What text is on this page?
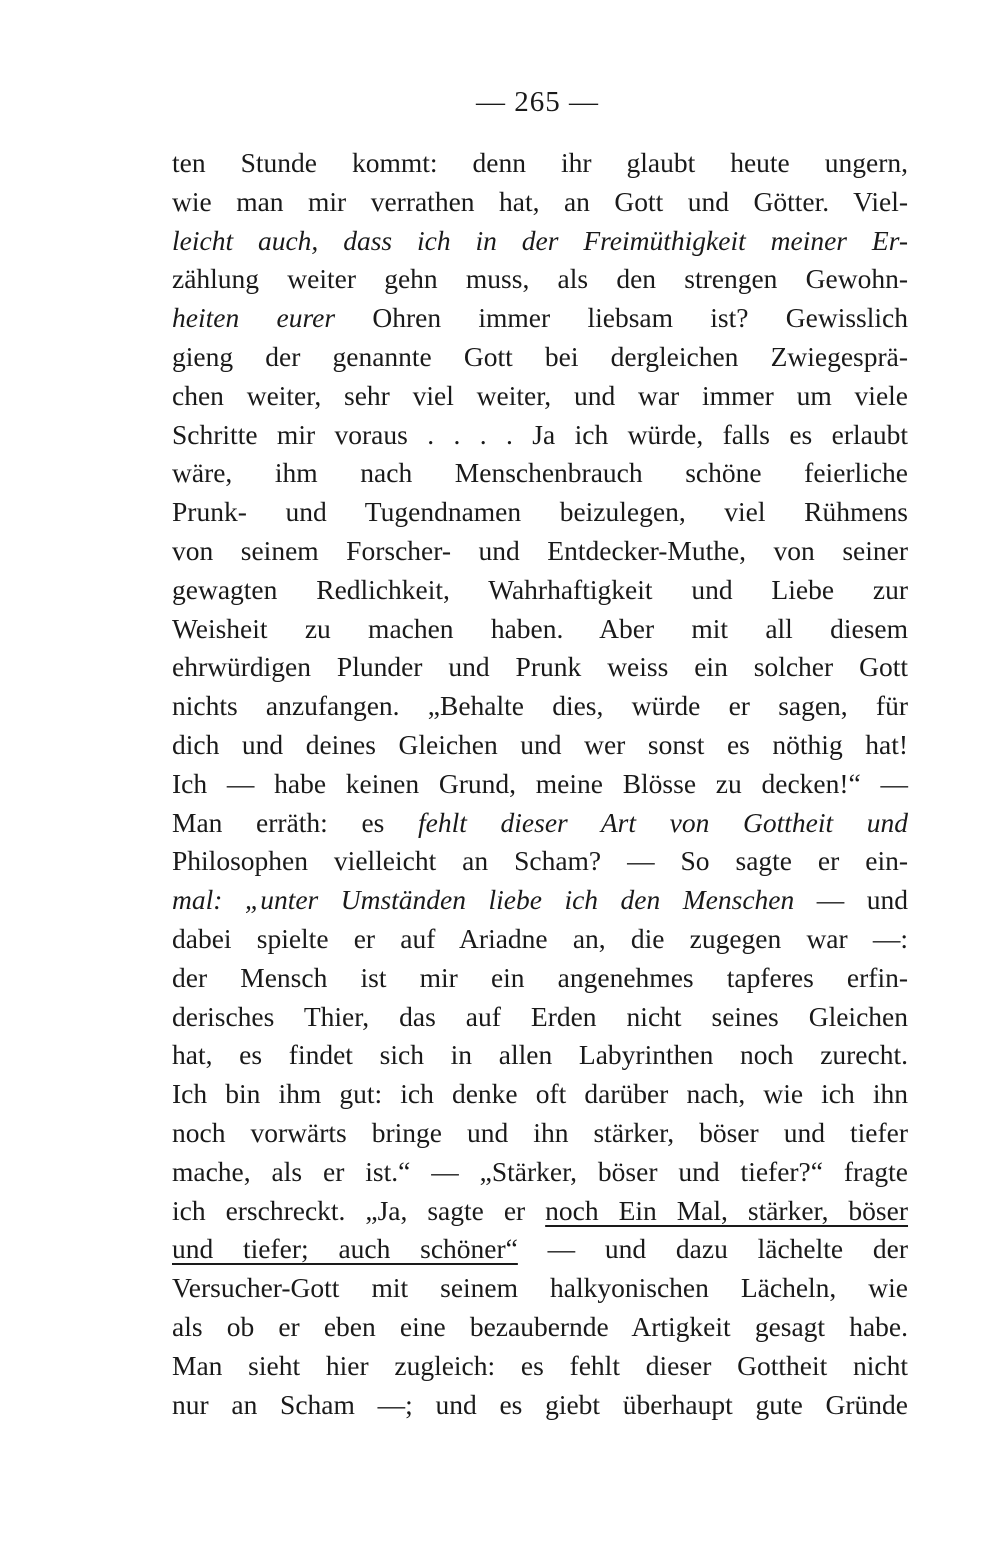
— 265 —
ten Stunde kommt: denn ihr glaubt heute ungern,
wie man mir verrathen hat, an Gott und Götter. Viel-
leicht auch, dass ich in der Freimüthigkeit meiner Er-
zählung weiter gehn muss, als den strengen Gewohn-
heiten eurer Ohren immer liebsam ist? Gewisslich
gieng der genannte Gott bei dergleichen Zwiegesprä-
chen weiter, sehr viel weiter, und war immer um viele
Schritte mir voraus . . . . Ja ich würde, falls es erlaubt
wäre, ihm nach Menschenbrauch schöne feierliche
Prunk- und Tugendnamen beizulegen, viel Rühmens
von seinem Forscher- und Entdecker-Muthe, von seiner
gewagten Redlichkeit, Wahrhaftigkeit und Liebe zur
Weisheit zu machen haben. Aber mit all diesem
ehrwürdigen Plunder und Prunk weiss ein solcher Gott
nichts anzufangen. „Behalte dies, würde er sagen, für
dich und deines Gleichen und wer sonst es nöthig hat!
Ich — habe keinen Grund, meine Blösse zu decken!“ —
Man erräth: es fehlt dieser Art von Gottheit und
Philosophen vielleicht an Scham? — So sagte er ein-
mal: „unter Umständen liebe ich den Menschen — und
dabei spielte er auf Ariadne an, die zugegen war —:
der Mensch ist mir ein angenehmes tapferes erfin-
derisches Thier, das auf Erden nicht seines Gleichen
hat, es findet sich in allen Labyrinthen noch zurecht.
Ich bin ihm gut: ich denke oft darüber nach, wie ich ihn
noch vorwärts bringe und ihn stärker, böser und tiefer
mache, als er ist.“ — „Stärker, böser und tiefer?“ fragte
ich erschreckt. „Ja, sagte er noch Ein Mal, stärker, böser
und tiefer; auch schöner“ — und dazu lächelte der
Versucher-Gott mit seinem halkyonischen Lächeln, wie
als ob er eben eine bezaubernde Artigkeit gesagt habe.
Man sieht hier zugleich: es fehlt dieser Gottheit nicht
nur an Scham —; und es giebt überhaupt gute Gründe
